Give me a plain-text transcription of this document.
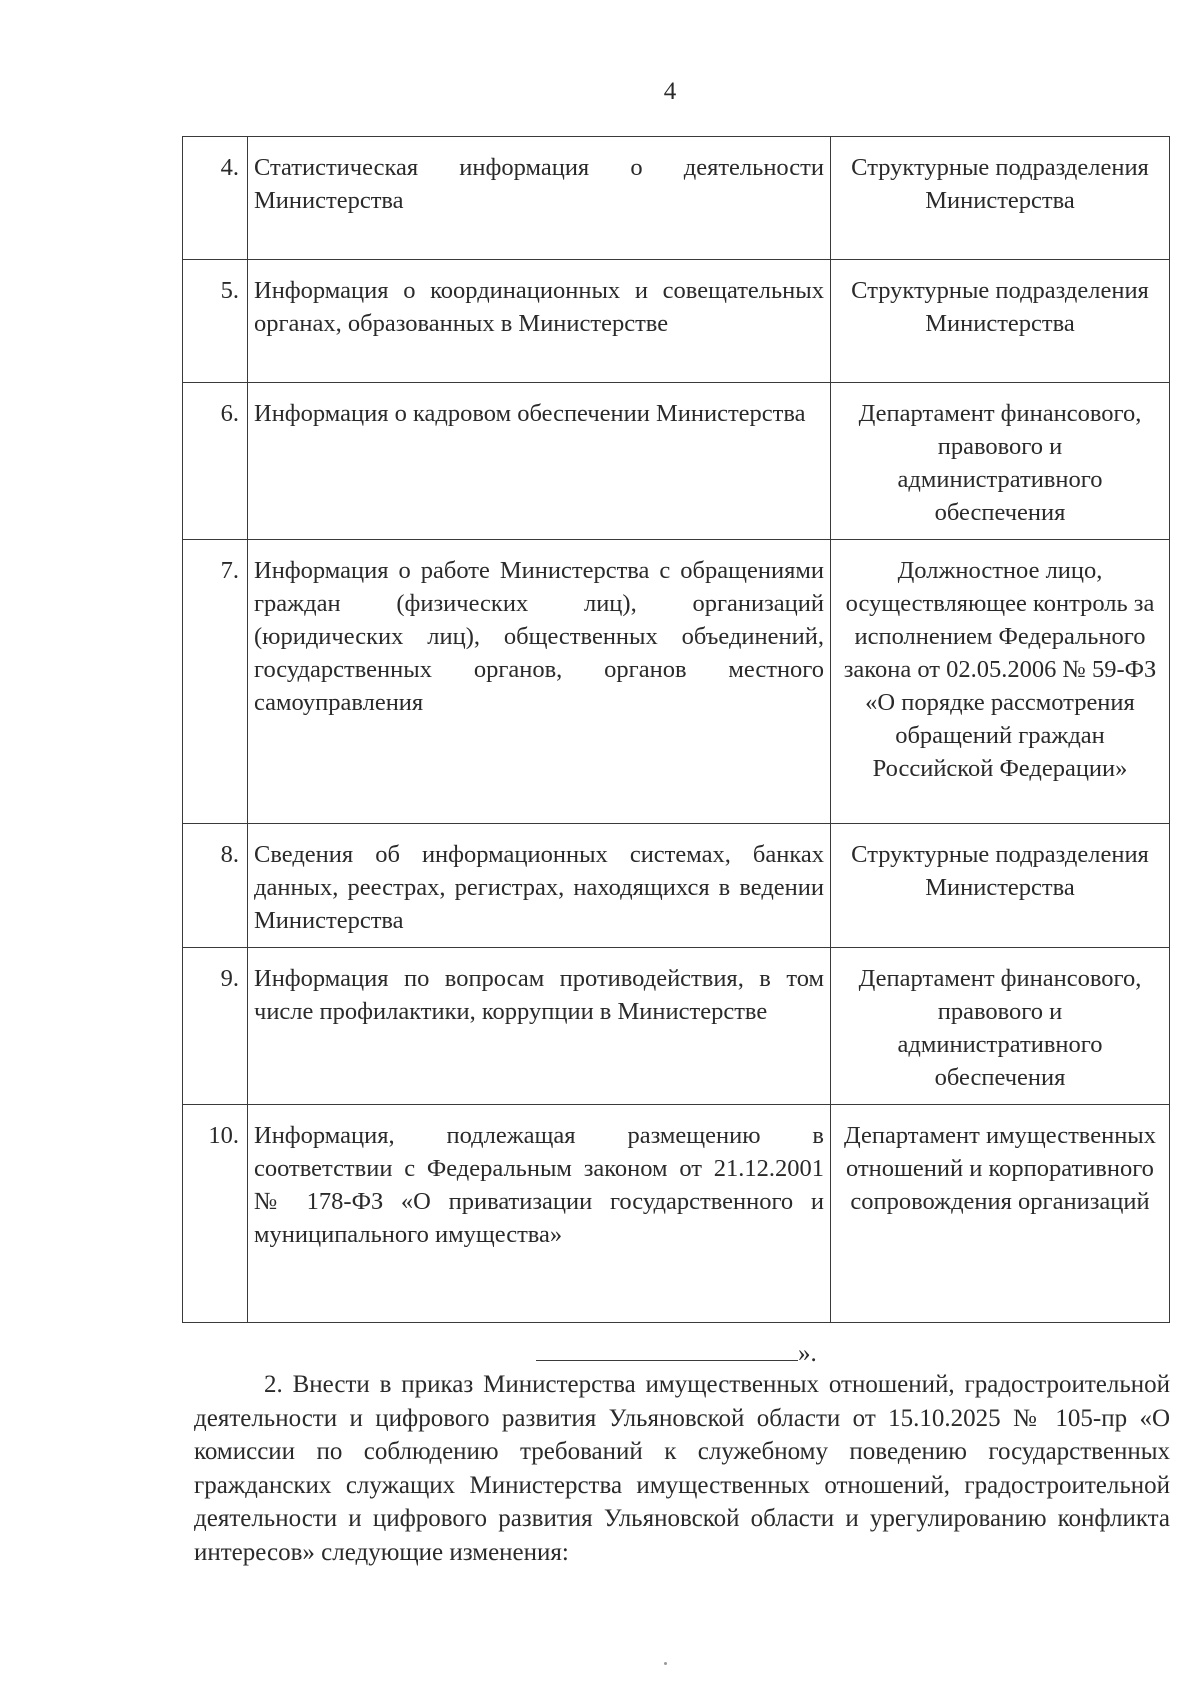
4
4.	Статистическая информация о деятельности Министерства	Структурные подразделения Министерства
5.	Информация о координационных и совещательных органах, образованных в Министерстве	Структурные подразделения Министерства
6.	Информация о кадровом обеспечении Министерства	Департамент финансового, правового и административного обеспечения
7.	Информация о работе Министерства с обращениями граждан (физических лиц), организаций (юридических лиц), общественных объединений, государственных органов, органов местного самоуправления	Должностное лицо, осуществляющее контроль за исполнением Федерального закона от 02.05.2006 № 59-ФЗ «О порядке рассмотрения обращений граждан Российской Федерации»
8.	Сведения об информационных системах, банках данных, реестрах, регистрах, находящихся в ведении Министерства	Структурные подразделения Министерства
9.	Информация по вопросам противодействия, в том числе профилактики, коррупции в Министерстве	Департамент финансового, правового и административного обеспечения
10.	Информация, подлежащая размещению в соответствии с Федеральным законом от 21.12.2001 № 178-ФЗ «О приватизации государственного и муниципального имущества»	Департамент имущественных отношений и корпоративного сопровождения организаций
».
2. Внести в приказ Министерства имущественных отношений, градостроительной деятельности и цифрового развития Ульяновской области от 15.10.2025 № 105-пр «О комиссии по соблюдению требований к служебному поведению государственных гражданских служащих Министерства имущественных отношений, градостроительной деятельности и цифрового развития Ульяновской области и урегулированию конфликта интересов» следующие изменения:
